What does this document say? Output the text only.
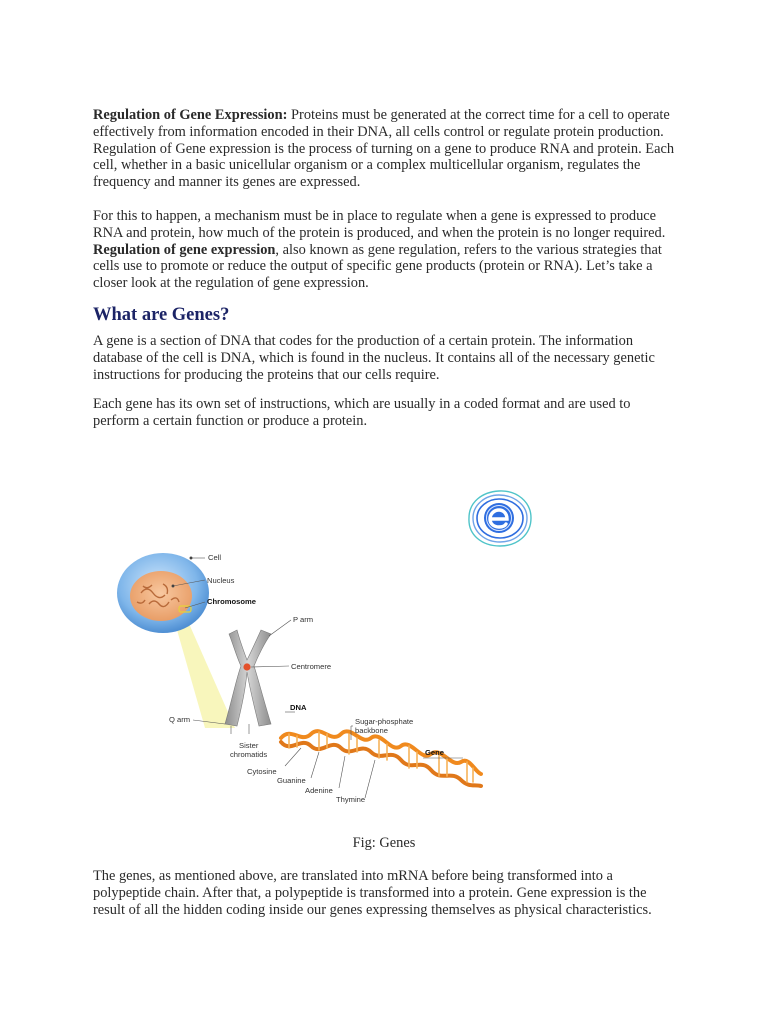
Regulation of Gene Expression: Proteins must be generated at the correct time for a cell to operate effectively from information encoded in their DNA, all cells control or regulate protein production. Regulation of Gene expression is the process of turning on a gene to produce RNA and protein. Each cell, whether in a basic unicellular organism or a complex multicellular organism, regulates the frequency and manner its genes are expressed.

For this to happen, a mechanism must be in place to regulate when a gene is expressed to produce RNA and protein, how much of the protein is produced, and when the protein is no longer required. Regulation of gene expression, also known as gene regulation, refers to the various strategies that cells use to promote or reduce the output of specific gene products (protein or RNA). Let’s take a closer look at the regulation of gene expression.

What are Genes?

A gene is a section of DNA that codes for the production of a certain protein. The information database of the cell is DNA, which is found in the nucleus. It contains all of the necessary genetic instructions for producing the proteins that our cells require.

Each gene has its own set of instructions, which are usually in a coded format and are used to perform a certain function or produce a protein.

Cell
Nucleus
Chromosome
P arm
Centromere
Q arm
DNA
Sister
chromatids
Sugar-phosphate
backbone
Gene
Cytosine
Guanine
Adenine
Thymine
Fig: Genes

The genes, as mentioned above, are translated into mRNA before being transformed into a polypeptide chain. After that, a polypeptide is transformed into a protein. Gene expression is the result of all the hidden coding inside our genes expressing themselves as physical characteristics.
